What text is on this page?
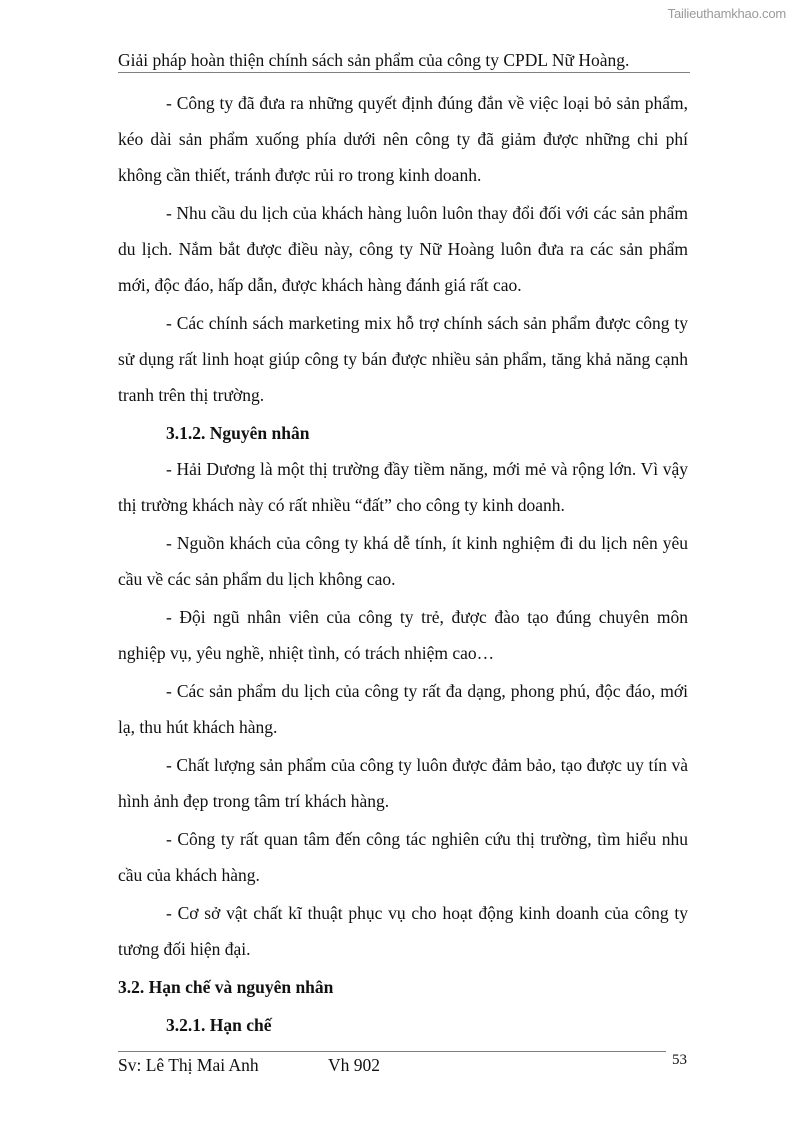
Tailieuthamkhao.com
Giải pháp hoàn thiện chính sách sản phẩm của công ty CPDL Nữ Hoàng.

- Công ty đã đưa ra những quyết định đúng đắn về việc loại bỏ sản phẩm, kéo dài sản phẩm xuống phía dưới nên công ty đã giảm được những chi phí không cần thiết, tránh được rủi ro trong kinh doanh.

- Nhu cầu du lịch của khách hàng luôn luôn thay đổi đối với các sản phẩm du lịch. Nắm bắt được điều này, công ty Nữ Hoàng luôn đưa ra các sản phẩm mới, độc đáo, hấp dẫn, được khách hàng đánh giá rất cao.

- Các chính sách marketing mix hỗ trợ chính sách sản phẩm được công ty sử dụng rất linh hoạt giúp công ty bán được nhiều sản phẩm, tăng khả năng cạnh tranh trên thị trường.

3.1.2. Nguyên nhân

- Hải Dương là một thị trường đầy tiềm năng, mới mẻ và rộng lớn. Vì vậy thị trường khách này có rất nhiều “đất” cho công ty kinh doanh.

- Nguồn khách của công ty khá dễ tính, ít kinh nghiệm đi du lịch nên yêu cầu về các sản phẩm du lịch không cao.

- Đội ngũ nhân viên của công ty trẻ, được đào tạo đúng chuyên môn nghiệp vụ, yêu nghề, nhiệt tình, có trách nhiệm cao…

- Các sản phẩm du lịch của công ty rất đa dạng, phong phú, độc đáo, mới lạ, thu hút khách hàng.

- Chất lượng sản phẩm của công ty luôn được đảm bảo, tạo được uy tín và hình ảnh đẹp trong tâm trí khách hàng.

- Công ty rất quan tâm đến công tác nghiên cứu thị trường, tìm hiểu nhu cầu của khách hàng.

- Cơ sở vật chất kĩ thuật phục vụ cho hoạt động kinh doanh của công ty tương đối hiện đại.

3.2. Hạn chế và nguyên nhân

3.2.1. Hạn chế

Sv: Lê Thị Mai Anh	Vh 902	53
